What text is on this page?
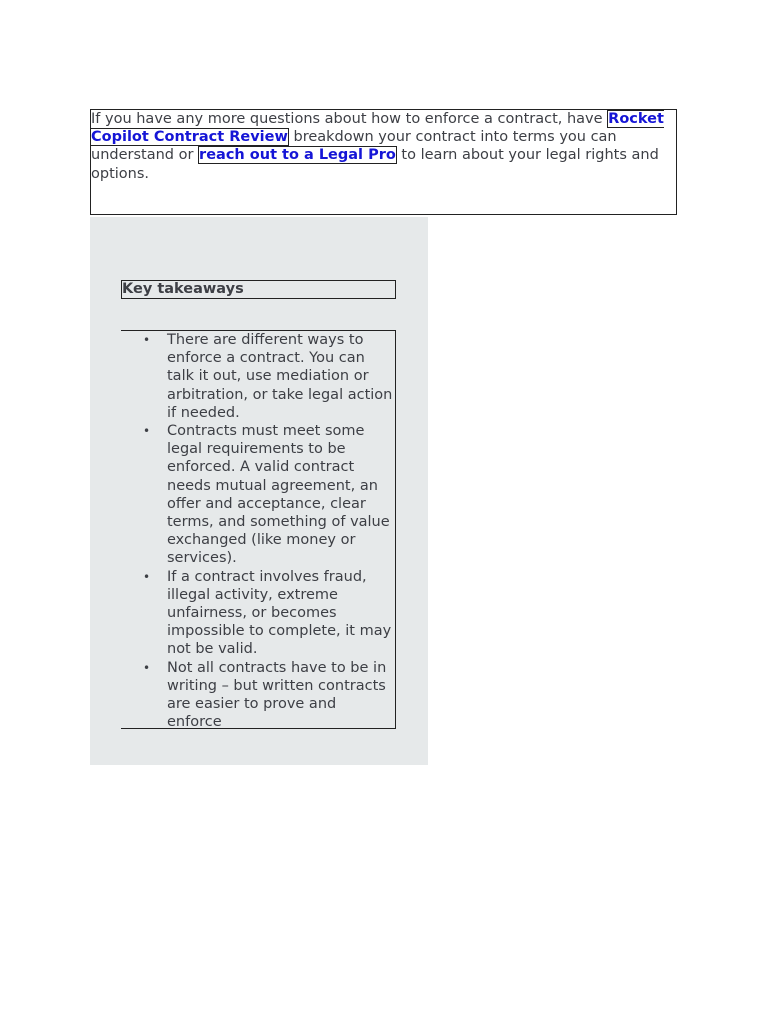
If you have any more questions about how to enforce a contract, have Rocket Copilot Contract Review breakdown your contract into terms you can understand or reach out to a Legal Pro to learn about your legal rights and options.

Key takeaways
• There are different ways to enforce a contract. You can talk it out, use mediation or arbitration, or take legal action if needed.
• Contracts must meet some legal requirements to be enforced. A valid contract needs mutual agreement, an offer and acceptance, clear terms, and something of value exchanged (like money or services).
• If a contract involves fraud, illegal activity, extreme unfairness, or becomes impossible to complete, it may not be valid.
• Not all contracts have to be in writing – but written contracts are easier to prove and enforce
